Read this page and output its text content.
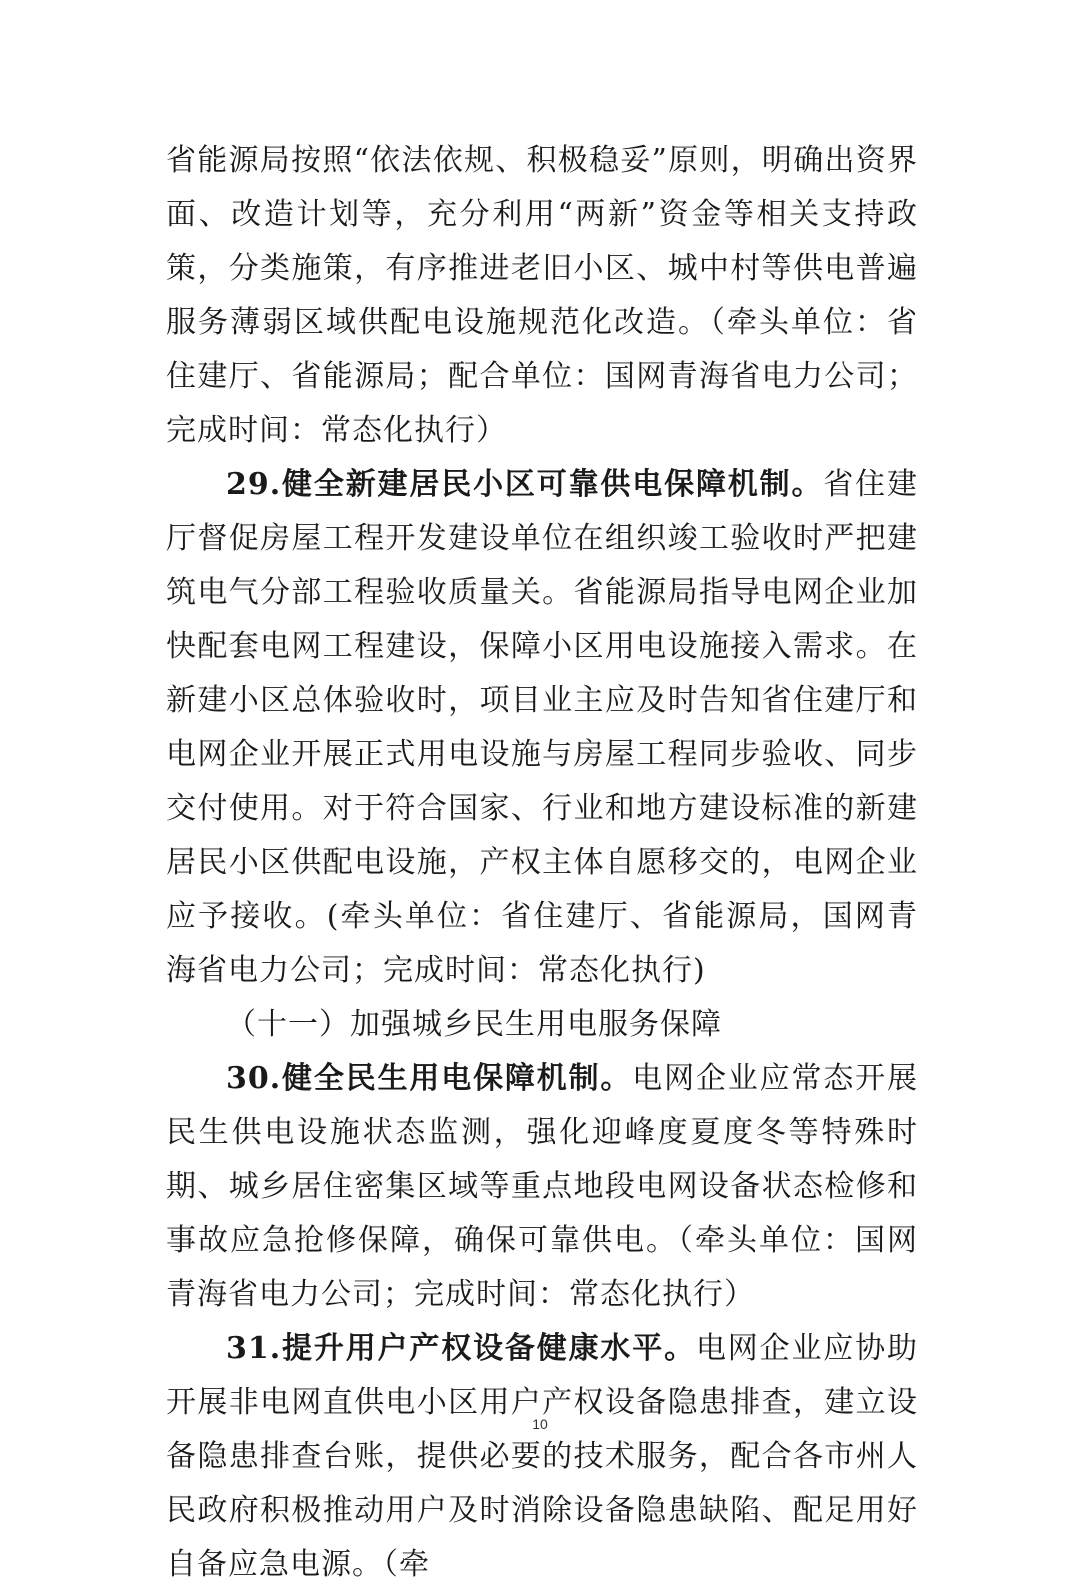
省能源局按照“依法依规、积极稳妥”原则，明确出资界面、改造计划等，充分利用“两新”资金等相关支持政策，分类施策，有序推进老旧小区、城中村等供电普遍服务薄弱区域供配电设施规范化改造。（牵头单位：省住建厅、省能源局；配合单位：国网青海省电力公司；完成时间：常态化执行）

29.健全新建居民小区可靠供电保障机制。省住建厅督促房屋工程开发建设单位在组织竣工验收时严把建筑电气分部工程验收质量关。省能源局指导电网企业加快配套电网工程建设，保障小区用电设施接入需求。在新建小区总体验收时，项目业主应及时告知省住建厅和电网企业开展正式用电设施与房屋工程同步验收、同步交付使用。对于符合国家、行业和地方建设标准的新建居民小区供配电设施，产权主体自愿移交的，电网企业应予接收。(牵头单位：省住建厅、省能源局，国网青海省电力公司；完成时间：常态化执行)

（十一）加强城乡民生用电服务保障

30.健全民生用电保障机制。电网企业应常态开展民生供电设施状态监测，强化迎峰度夏度冬等特殊时期、城乡居住密集区域等重点地段电网设备状态检修和事故应急抢修保障，确保可靠供电。（牵头单位：国网青海省电力公司；完成时间：常态化执行）

31.提升用户产权设备健康水平。电网企业应协助开展非电网直供电小区用户产权设备隐患排查，建立设备隐患排查台账，提供必要的技术服务，配合各市州人民政府积极推动用户及时消除设备隐患缺陷、配足用好自备应急电源。（牵

10
